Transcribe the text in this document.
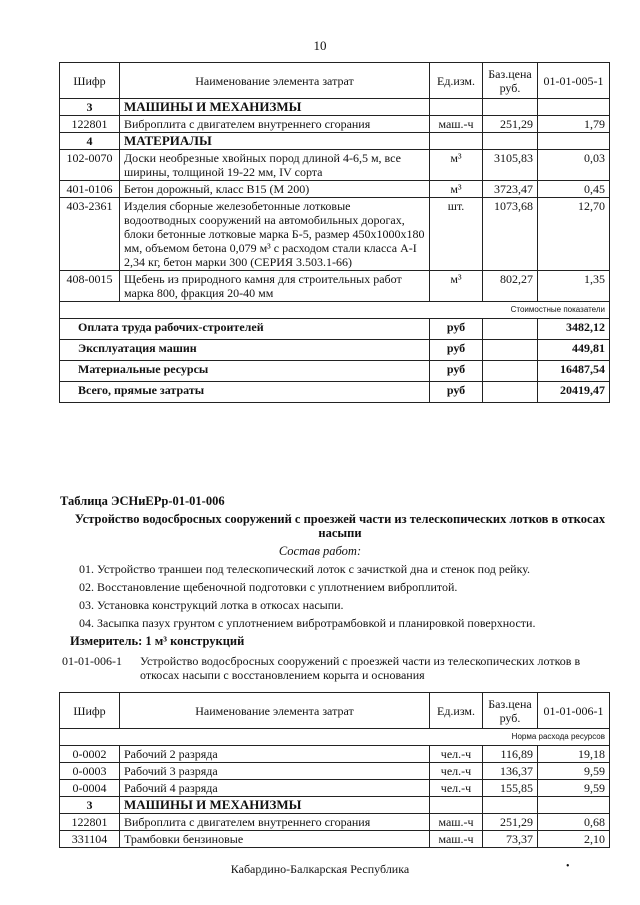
10
Шифр	Наименование элемента затрат	Ед.изм.	Баз.цена руб.	01-01-005-1
3	МАШИНЫ И МЕХАНИЗМЫ			
122801	Виброплита с двигателем внутреннего сгорания	маш.-ч	251,29	1,79
4	МАТЕРИАЛЫ			
102-0070	Доски необрезные хвойных пород длиной 4-6,5 м, все ширины, толщиной 19-22 мм, IV сорта	м³	3105,83	0,03
401-0106	Бетон дорожный, класс B15 (М 200)	м³	3723,47	0,45
403-2361	Изделия сборные железобетонные лотковые водоотводных сооружений на автомобильных дорогах, блоки бетонные лотковые марка Б-5, размер 450х1000х180 мм, объемом бетона 0,079 м³ с расходом стали класса А-I 2,34 кг, бетон марки 300 (СЕРИЯ 3.503.1-66)	шт.	1073,68	12,70
408-0015	Щебень из природного камня для строительных работ марка 800, фракция 20-40 мм	м³	802,27	1,35
Стоимостные показатели				
Оплата труда рабочих-строителей		руб		3482,12
Эксплуатация машин		руб		449,81
Материальные ресурсы		руб		16487,54
Всего, прямые затраты		руб		20419,47
Таблица ЭСНиЕРр-01-01-006
Устройство водосбросных сооружений с проезжей части из телескопических лотков в откосах насыпи
Состав работ:
01. Устройство траншеи под телескопический лоток с зачисткой дна и стенок под рейку.
02. Восстановление щебеночной подготовки с уплотнением виброплитой.
03. Установка конструкций лотка в откосах насыпи.
04. Засыпка пазух грунтом с уплотнением вибротрамбовкой и планировкой поверхности.
Измеритель: 1 м³ конструкций
01-01-006-1 Устройство водосбросных сооружений с проезжей части из телескопических лотков в откосах насыпи с восстановлением корыта и основания
Шифр	Наименование элемента затрат	Ед.изм.	Баз.цена руб.	01-01-006-1
Норма расхода ресурсов				
0-0002	Рабочий 2 разряда	чел.-ч	116,89	19,18
0-0003	Рабочий 3 разряда	чел.-ч	136,37	9,59
0-0004	Рабочий 4 разряда	чел.-ч	155,85	9,59
3	МАШИНЫ И МЕХАНИЗМЫ			
122801	Виброплита с двигателем внутреннего сгорания	маш.-ч	251,29	0,68
331104	Трамбовки бензиновые	маш.-ч	73,37	2,10
Кабардино-Балкарская Республика	•
